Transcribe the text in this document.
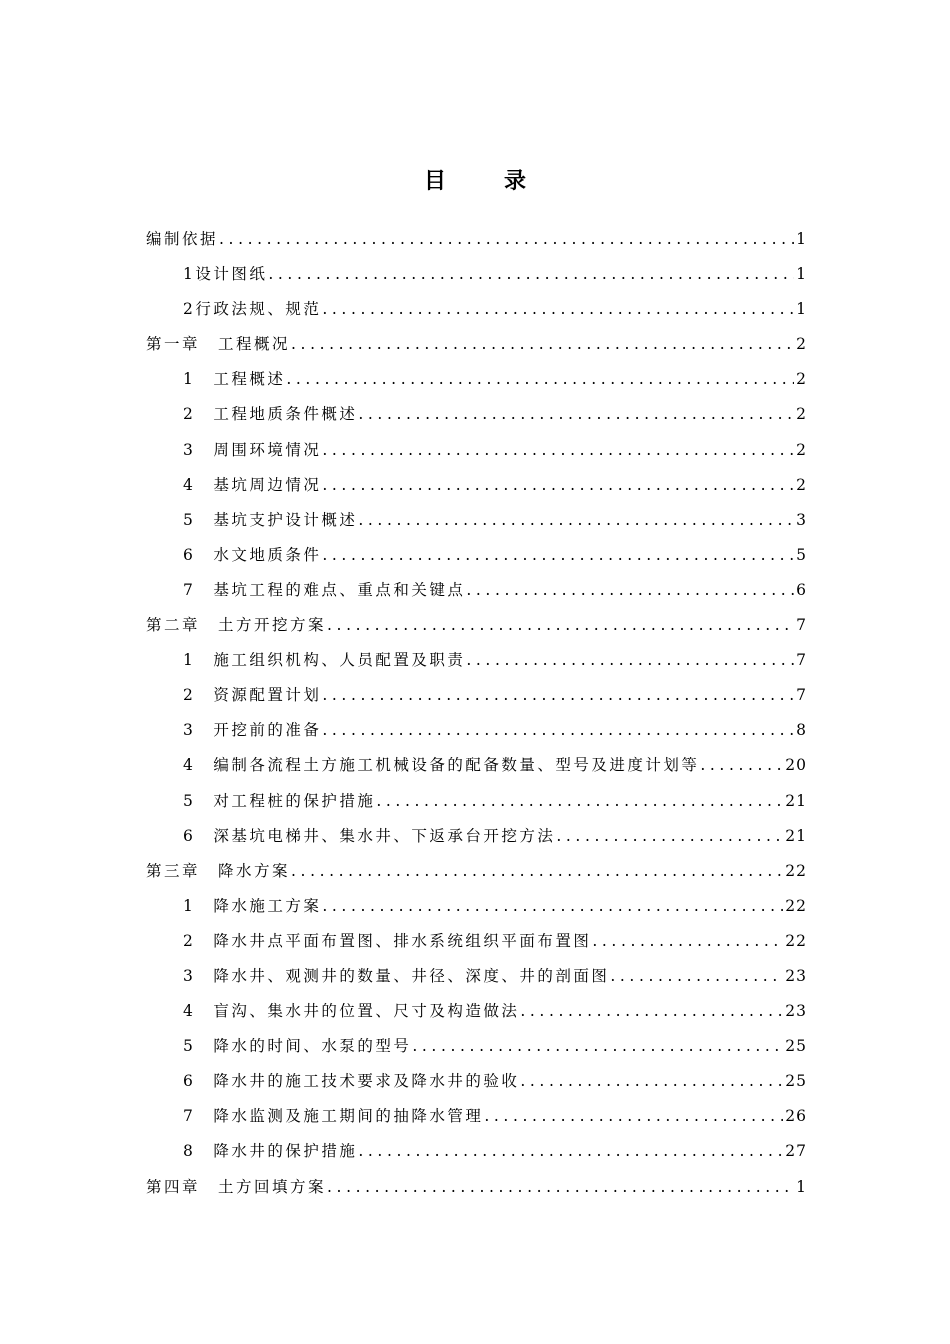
目　录
编制依据 .....	1
1设计图纸 .....	1
2行政法规、规范 .....	1
第一章　工程概况 .....	2
1　工程概述 .....	2
2　工程地质条件概述 .....	2
3　周围环境情况 .....	2
4　基坑周边情况 .....	2
5　基坑支护设计概述 .....	3
6　水文地质条件 .....	5
7　基坑工程的难点、重点和关键点 .....	6
第二章　土方开挖方案 .....	7
1　施工组织机构、人员配置及职责 .....	7
2　资源配置计划 .....	7
3　开挖前的准备 .....	8
4　编制各流程土方施工机械设备的配备数量、型号及进度计划等 .....	20
5　对工程桩的保护措施 .....	21
6　深基坑电梯井、集水井、下返承台开挖方法 .....	21
第三章　降水方案 .....	22
1　降水施工方案 .....	22
2　降水井点平面布置图、排水系统组织平面布置图 .....	22
3　降水井、观测井的数量、井径、深度、井的剖面图 .....	23
4　盲沟、集水井的位置、尺寸及构造做法 .....	23
5　降水的时间、水泵的型号 .....	25
6　降水井的施工技术要求及降水井的验收 .....	25
7　降水监测及施工期间的抽降水管理 .....	26
8　降水井的保护措施 .....	27
第四章　土方回填方案 .....	1
